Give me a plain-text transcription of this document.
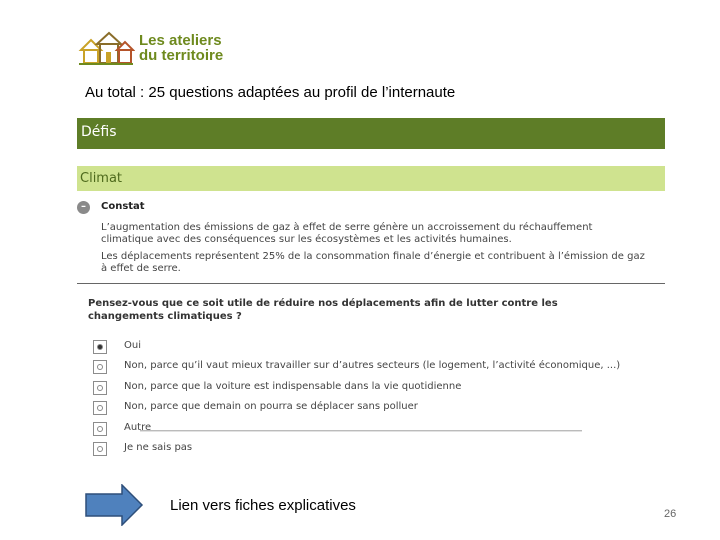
Les ateliers
du territoire
Au total : 25 questions adaptées au profil de l’internaute
Défis
Climat
–	Constat
L’augmentation des émissions de gaz à effet de serre génère un accroissement du réchauffement
climatique avec des conséquences sur les écosystèmes et les activités humaines.
Les déplacements représentent 25% de la consommation finale d’énergie et contribuent à l’émission de gaz
à effet de serre.
Pensez-vous que ce soit utile de réduire nos déplacements afin de lutter contre les
changements climatiques ?
Oui
Non, parce qu’il vaut mieux travailler sur d’autres secteurs (le logement, l’activité économique, ...)
Non, parce que la voiture est indispensable dans la vie quotidienne
Non, parce que demain on pourra se déplacer sans polluer
Autre
Je ne sais pas
Lien vers fiches explicatives	26
